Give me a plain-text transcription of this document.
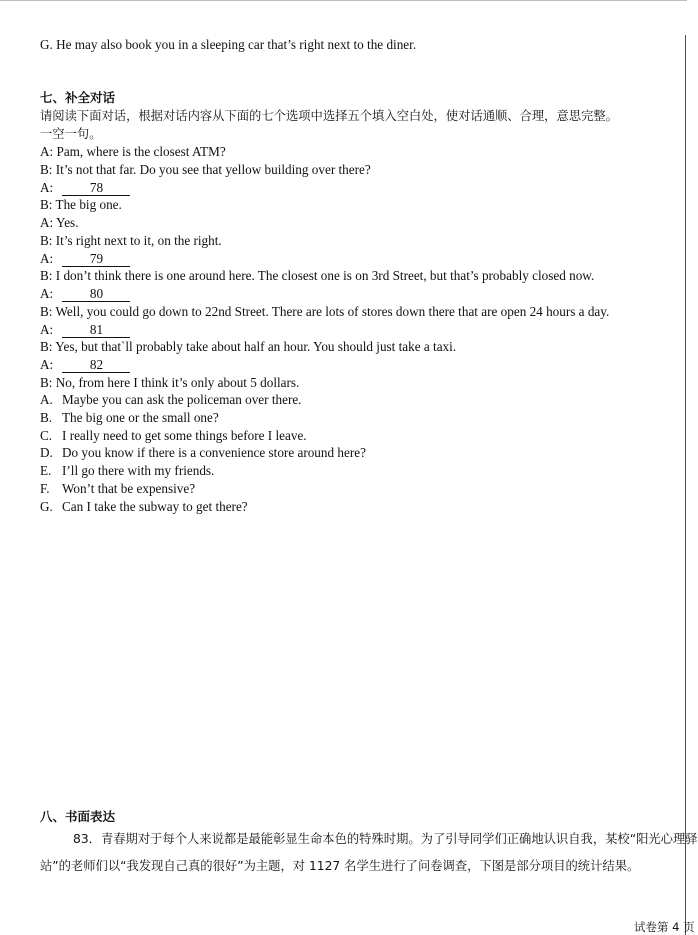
G. He may also book you in a sleeping car that’s right next to the diner.
七、补全对话
请阅读下面对话，根据对话内容从下面的七个选项中选择五个填入空白处，使对话通顺、合理，意思完整。
一空一句。
A: Pam, where is the closest ATM?
B: It’s not that far. Do you see that yellow building over there?
A:	78
B: The big one.
A: Yes.
B: It’s right next to it, on the right.
A:	79
B: I don’t think there is one around here. The closest one is on 3rd Street, but that’s probably closed now.
A:	80
B: Well, you could go down to 22nd Street. There are lots of stores down there that are open 24 hours a day.
A:	81
B: Yes, but that`ll probably take about half an hour. You should just take a taxi.
A:	82
B: No, from here I think it’s only about 5 dollars.
A. Maybe you can ask the policeman over there.
B. The big one or the small one?
C. I really need to get some things before I leave.
D. Do you know if there is a convenience store around here?
E. I’ll go there with my friends.
F. Won’t that be expensive?
G. Can I take the subway to get there?
八、书面表达
83．青春期对于每个人来说都是最能彰显生命本色的特殊时期。为了引导同学们正确地认识自我，某校“阳光心理驿
站”的老师们以“我发现自己真的很好”为主题，对 1127 名学生进行了问卷调查，下图是部分项目的统计结果。
试卷第 4 页
